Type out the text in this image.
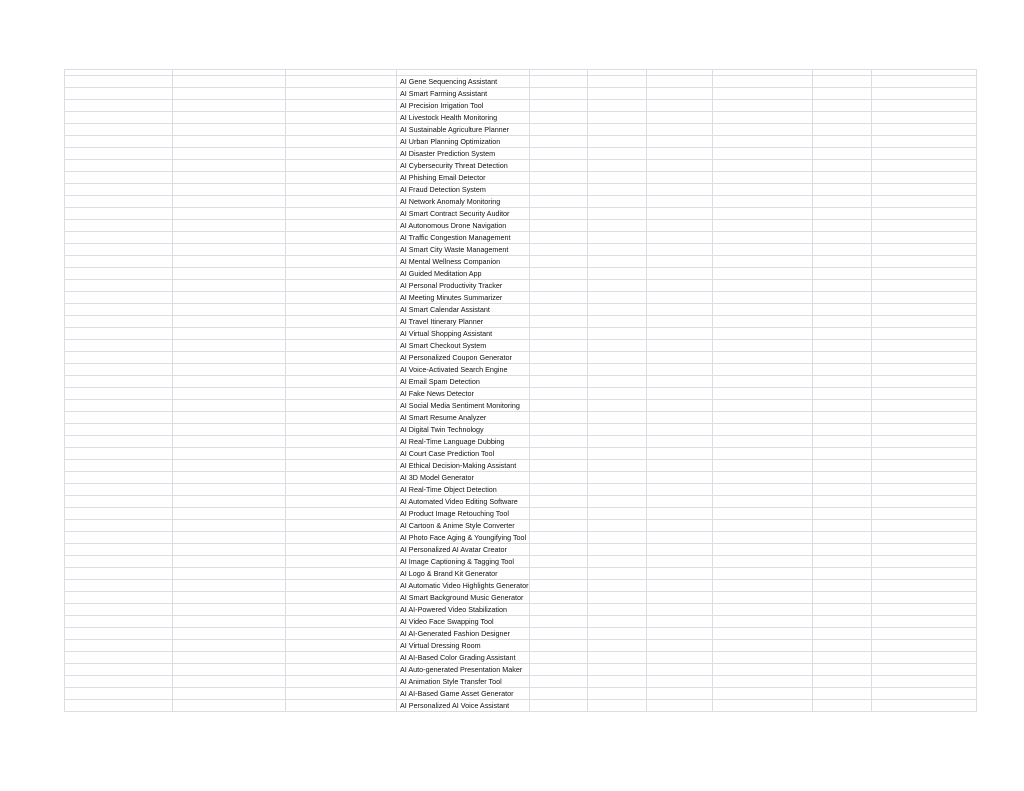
			AI Gene Sequencing Assistant						
			AI Smart Farming Assistant						
			AI Precision Irrigation Tool						
			AI Livestock Health Monitoring						
			AI Sustainable Agriculture Planner						
			AI Urban Planning Optimization						
			AI Disaster Prediction System						
			AI Cybersecurity Threat Detection						
			AI Phishing Email Detector						
			AI Fraud Detection System						
			AI Network Anomaly Monitoring						
			AI Smart Contract Security Auditor						
			AI Autonomous Drone Navigation						
			AI Traffic Congestion Management						
			AI Smart City Waste Management						
			AI Mental Wellness Companion						
			AI Guided Meditation App						
			AI Personal Productivity Tracker						
			AI Meeting Minutes Summarizer						
			AI Smart Calendar Assistant						
			AI Travel Itinerary Planner						
			AI Virtual Shopping Assistant						
			AI Smart Checkout System						
			AI Personalized Coupon Generator						
			AI Voice-Activated Search Engine						
			AI Email Spam Detection						
			AI Fake News Detector						
			AI Social Media Sentiment Monitoring						
			AI Smart Resume Analyzer						
			AI Digital Twin Technology						
			AI Real-Time Language Dubbing						
			AI Court Case Prediction Tool						
			AI Ethical Decision-Making Assistant						
			AI 3D Model Generator						
			AI Real-Time Object Detection						
			AI Automated Video Editing Software						
			AI Product Image Retouching Tool						
			AI Cartoon & Anime Style Converter						
			AI Photo Face Aging & Youngifying Tool						
			AI Personalized AI Avatar Creator						
			AI Image Captioning & Tagging Tool						
			AI Logo & Brand Kit Generator						
			AI Automatic Video Highlights Generator						
			AI Smart Background Music Generator						
			AI AI-Powered Video Stabilization						
			AI Video Face Swapping Tool						
			AI AI-Generated Fashion Designer						
			AI Virtual Dressing Room						
			AI AI-Based Color Grading Assistant						
			AI Auto-generated Presentation Maker						
			AI Animation Style Transfer Tool						
			AI AI-Based Game Asset Generator						
			AI Personalized AI Voice Assistant						
